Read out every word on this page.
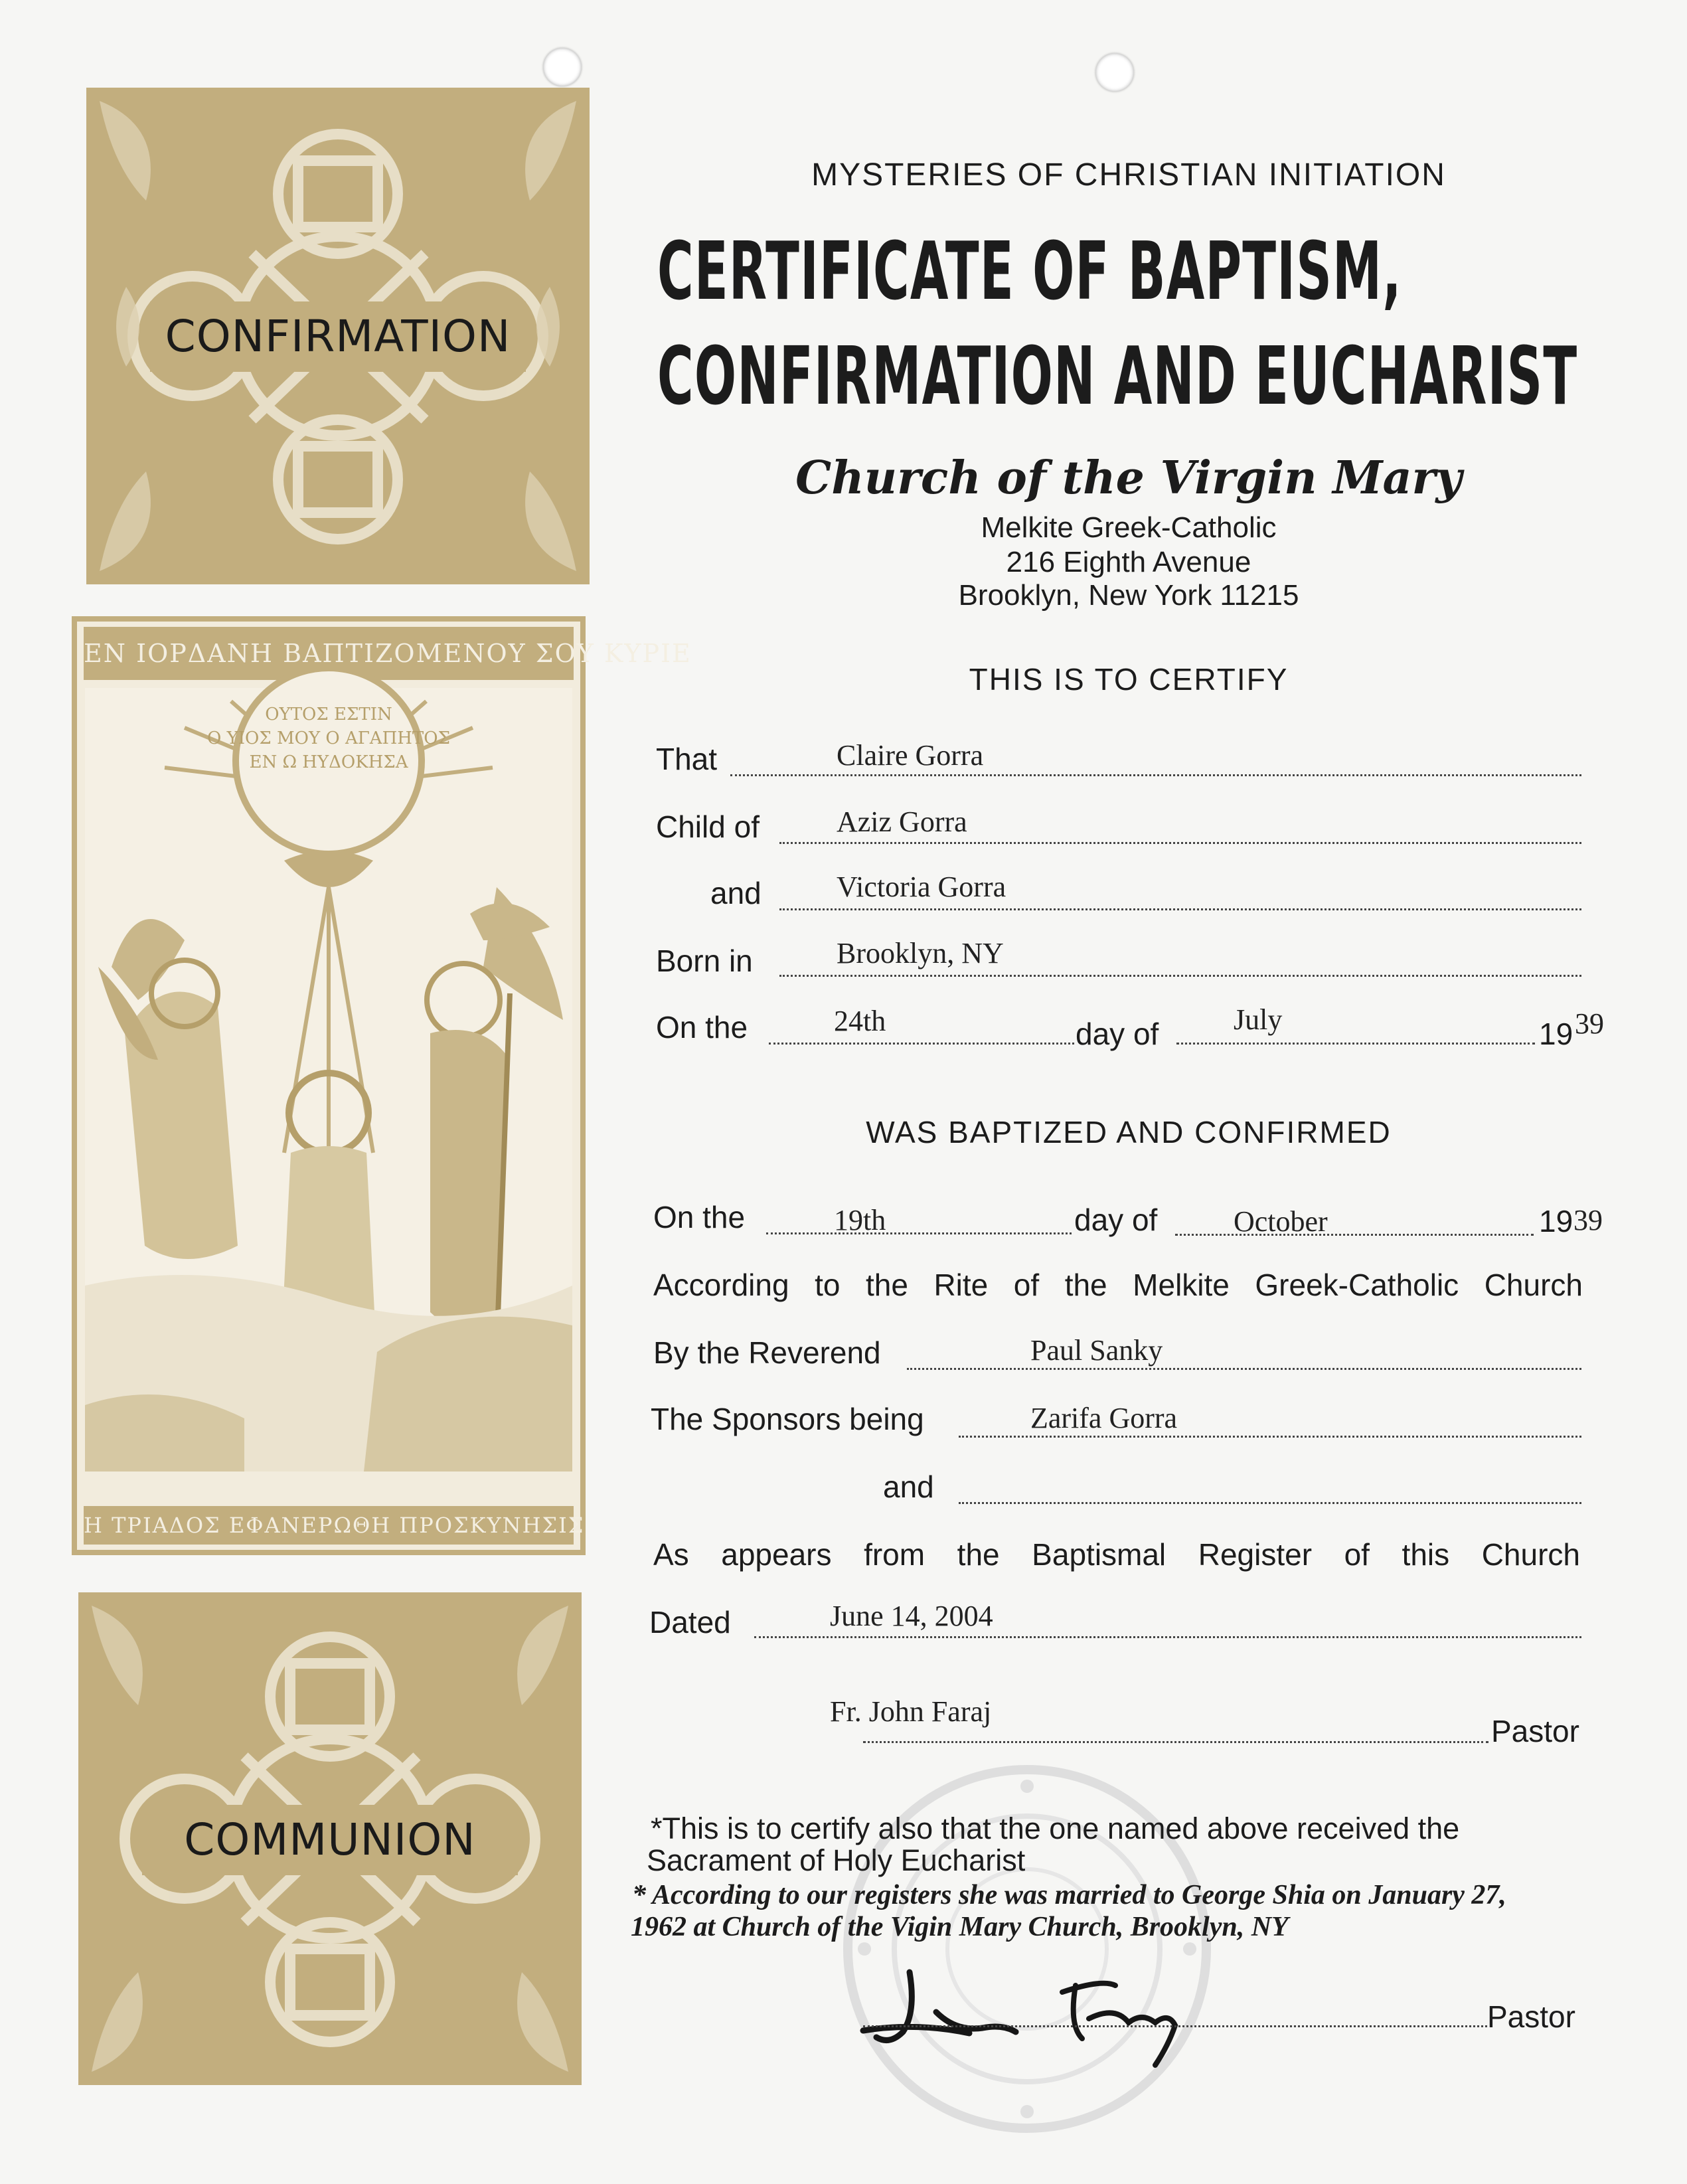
CONFIRMATION
ΕΝ ΙΟΡΔΑΝΗ ΒΑΠΤΙΖΟΜΕΝΟΥ ΣΟΥ ΚΥΡΙΕ
ΟΥΤΟΣ ΕΣΤΙΝ
Ο ΥΙΟΣ ΜΟΥ Ο ΑΓΑΠΗΤΟΣ
ΕΝ Ω ΗΥΔΟΚΗΣΑ
Η ΤΡΙΑΔΟΣ ΕΦΑΝΕΡΩΘΗ ΠΡΟΣΚΥΝΗΣΙΣ
COMMUNION
MYSTERIES OF CHRISTIAN INITIATION
CERTIFICATE OF BAPTISM,
CONFIRMATION AND EUCHARIST
Church of the Virgin Mary
Melkite Greek-Catholic
216 Eighth Avenue
Brooklyn, New York 11215
THIS IS TO CERTIFY
That	Claire Gorra
Child of	Aziz Gorra
and	Victoria Gorra
Born in	Brooklyn, NY
On the	24th	day of	July	19 39
WAS BAPTIZED AND CONFIRMED
On the	19th	day of	October	19 39
According to the Rite of the Melkite Greek-Catholic Church
By the Reverend	Paul Sanky
The Sponsors being	Zarifa Gorra
and
As appears from the Baptismal Register of this Church
Dated	June 14, 2004
Fr. John Faraj
Pastor
*This is to certify also that the one named above received the
Sacrament of Holy Eucharist
* According to our registers she was married to George Shia on January 27,
1962 at Church of the Vigin Mary Church, Brooklyn, NY
Pastor
